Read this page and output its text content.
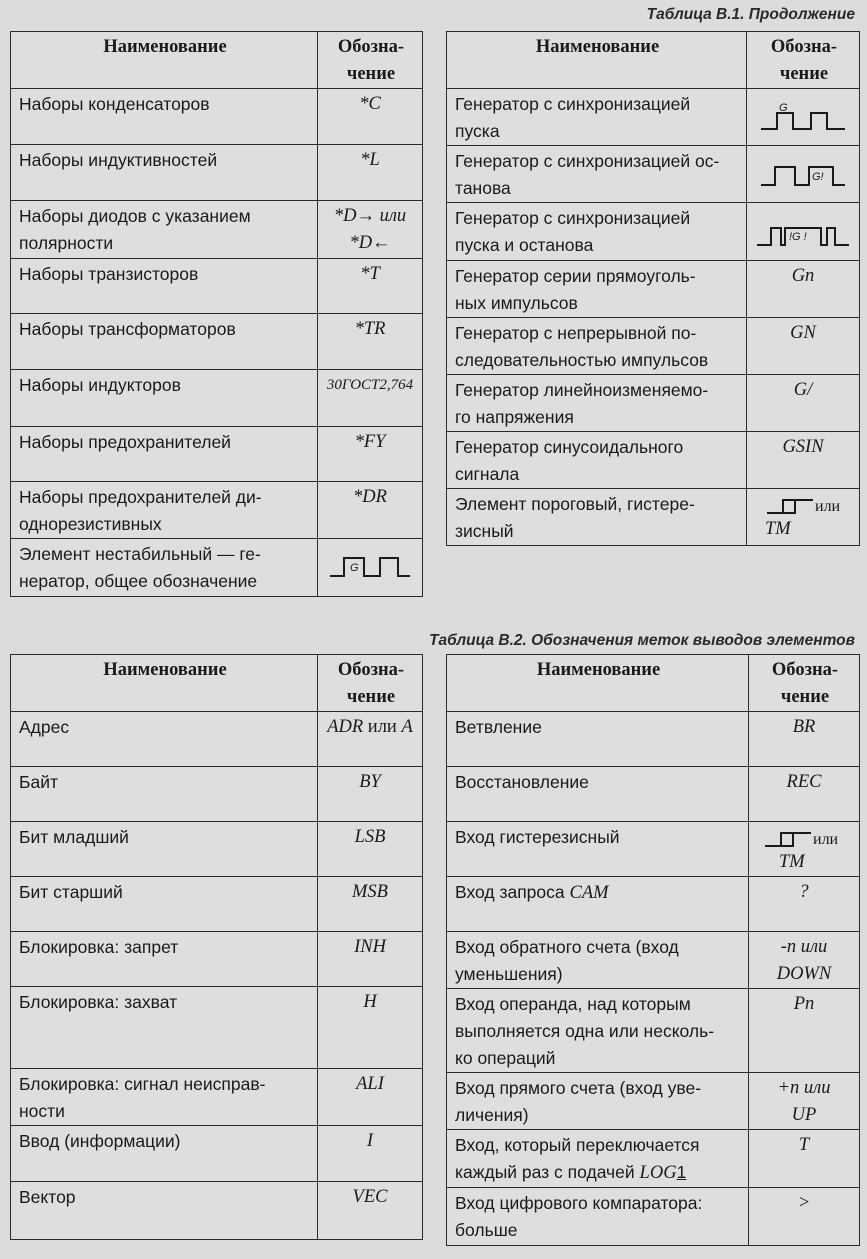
Таблица В.1. Продолжение
Наименование	Обозна-
чение
Наборы конденсаторов	*C
Наборы индуктивностей	*L
Наборы диодов с указанием полярности	*D→ или
*D←
Наборы транзисторов	*T
Наборы трансформаторов	*TR
Наборы индукторов	30ГОСТ2,764
Наборы предохранителей	*FY
Наборы предохранителей ди-
однорезистивных	*DR
Элемент нестабильный — ге-
нератор, общее обозначение	G
Наименование	Обозна-
чение
Генератор с синхронизацией
пуска	G

Генератор с синхронизацией ос-
танова	G!

Генератор с синхронизацией
пуска и останова	!G !

Генератор серии прямоуголь-
ных импульсов	Gn
Генератор с непрерывной по-
следовательностью импульсов	GN
Генератор линейноизменяемо-
го напряжения	G/
Генератор синусоидального
сигнала	GSIN
Элемент пороговый, гистере-
зисный	или
TM
Таблица В.2. Обозначения меток выводов элементов
Наименование	Обозна-
чение
Адрес	ADR или A
Байт	BY
Бит младший	LSB
Бит старший	MSB
Блокировка: запрет	INH
Блокировка: захват	H
Блокировка: сигнал неисправ-
ности	ALI
Ввод (информации)	I
Вектор	VEC
Наименование	Обозна-
чение
Ветвление	BR
Восстановление	REC
Вход гистерезисный	или
TM
Вход запроса CAM	?
Вход обратного счета (вход
уменьшения)	-n или
DOWN
Вход операнда, над которым
выполняется одна или несколь-
ко операций	Pn
Вход прямого счета (вход уве-
личения)	+n или
UP
Вход, который переключается
каждый раз с подачей LOG1	T
Вход цифрового компаратора:
больше	>
